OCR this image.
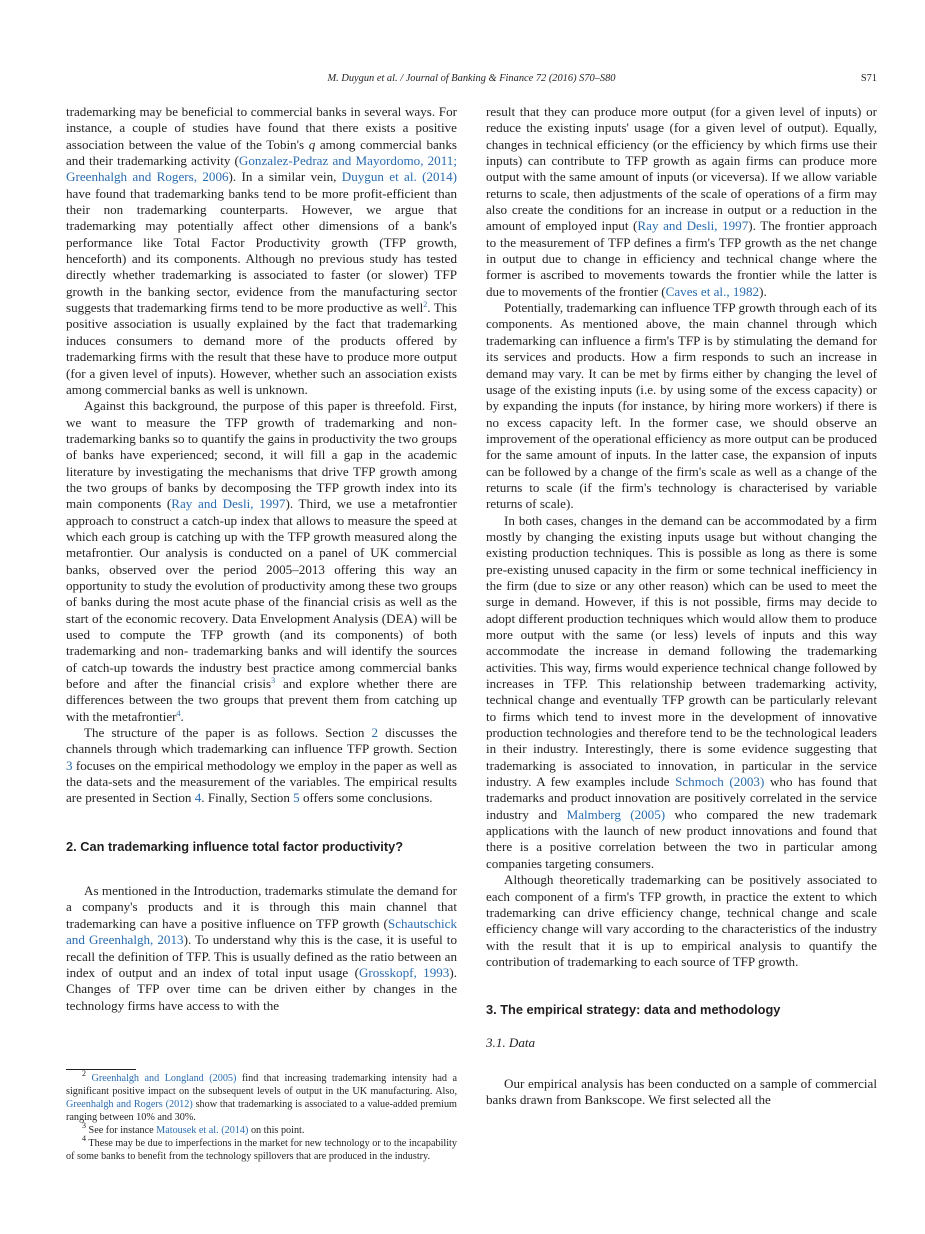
M. Duygun et al. / Journal of Banking & Finance 72 (2016) S70–S80	S71

trademarking may be beneficial to commercial banks in several ways. For instance, a couple of studies have found that there exists a positive association between the value of the Tobin's q among commercial banks and their trademarking activity (Gonzalez-Pedraz and Mayordomo, 2011; Greenhalgh and Rogers, 2006). In a similar vein, Duygun et al. (2014) have found that trademarking banks tend to be more profit-efficient than their non trademarking counterparts. However, we argue that trademarking may potentially affect other dimensions of a bank's performance like Total Factor Productivity growth (TFP growth, henceforth) and its components. Although no previous study has tested directly whether trademarking is associated to faster (or slower) TFP growth in the banking sector, evidence from the manufacturing sector suggests that trademarking firms tend to be more productive as well$^2$. This positive association is usually explained by the fact that trademarking induces consumers to demand more of the products offered by trademarking firms with the result that these have to produce more output (for a given level of inputs). However, whether such an association exists among commercial banks as well is unknown.

Against this background, the purpose of this paper is threefold. First, we want to measure the TFP growth of trademarking and non-trademarking banks so to quantify the gains in productivity the two groups of banks have experienced; second, it will fill a gap in the academic literature by investigating the mechanisms that drive TFP growth among the two groups of banks by decomposing the TFP growth index into its main components (Ray and Desli, 1997). Third, we use a metafrontier approach to construct a catch-up index that allows to measure the speed at which each group is catching up with the TFP growth measured along the metafrontier. Our analysis is conducted on a panel of UK commercial banks, observed over the period 2005–2013 offering this way an opportunity to study the evolution of productivity among these two groups of banks during the most acute phase of the financial crisis as well as the start of the economic recovery. Data Envelopment Analysis (DEA) will be used to compute the TFP growth (and its components) of both trademarking and non- trademarking banks and will identify the sources of catch-up towards the industry best practice among commercial banks before and after the financial crisis$^3$ and explore whether there are differences between the two groups that prevent them from catching up with the metafrontier$^4$.

The structure of the paper is as follows. Section 2 discusses the channels through which trademarking can influence TFP growth. Section 3 focuses on the empirical methodology we employ in the paper as well as the data-sets and the measurement of the variables. The empirical results are presented in Section 4. Finally, Section 5 offers some conclusions.

2. Can trademarking influence total factor productivity?

As mentioned in the Introduction, trademarks stimulate the demand for a company's products and it is through this main channel that trademarking can have a positive influence on TFP growth (Schautschick and Greenhalgh, 2013). To understand why this is the case, it is useful to recall the definition of TFP. This is usually defined as the ratio between an index of output and an index of total input usage (Grosskopf, 1993). Changes of TFP over time can be driven either by changes in the technology firms have access to with the

$^2$ Greenhalgh and Longland (2005) find that increasing trademarking intensity had a significant positive impact on the subsequent levels of output in the UK manufacturing. Also, Greenhalgh and Rogers (2012) show that trademarking is associated to a value-added premium ranging between 10% and 30%.

$^3$ See for instance Matousek et al. (2014) on this point.

$^4$ These may be due to imperfections in the market for new technology or to the incapability of some banks to benefit from the technology spillovers that are produced in the industry.

result that they can produce more output (for a given level of inputs) or reduce the existing inputs' usage (for a given level of output). Equally, changes in technical efficiency (or the efficiency by which firms use their inputs) can contribute to TFP growth as again firms can produce more output with the same amount of inputs (or viceversa). If we allow variable returns to scale, then adjustments of the scale of operations of a firm may also create the conditions for an increase in output or a reduction in the amount of employed input (Ray and Desli, 1997). The frontier approach to the measurement of TFP defines a firm's TFP growth as the net change in output due to change in efficiency and technical change where the former is ascribed to movements towards the frontier while the latter is due to movements of the frontier (Caves et al., 1982).

Potentially, trademarking can influence TFP growth through each of its components. As mentioned above, the main channel through which trademarking can influence a firm's TFP is by stimulating the demand for its services and products. How a firm responds to such an increase in demand may vary. It can be met by firms either by changing the level of usage of the existing inputs (i.e. by using some of the excess capacity) or by expanding the inputs (for instance, by hiring more workers) if there is no excess capacity left. In the former case, we should observe an improvement of the operational efficiency as more output can be produced for the same amount of inputs. In the latter case, the expansion of inputs can be followed by a change of the firm's scale as well as a change of the returns to scale (if the firm's technology is characterised by variable returns of scale).

In both cases, changes in the demand can be accommodated by a firm mostly by changing the existing inputs usage but without changing the existing production techniques. This is possible as long as there is some pre-existing unused capacity in the firm or some technical inefficiency in the firm (due to size or any other reason) which can be used to meet the surge in demand. However, if this is not possible, firms may decide to adopt different production techniques which would allow them to produce more output with the same (or less) levels of inputs and this way accommodate the increase in demand following the trademarking activities. This way, firms would experience technical change followed by increases in TFP. This relationship between trademarking activity, technical change and eventually TFP growth can be particularly relevant to firms which tend to invest more in the development of innovative production technologies and therefore tend to be the technological leaders in their industry. Interestingly, there is some evidence suggesting that trademarking is associated to innovation, in particular in the service industry. A few examples include Schmoch (2003) who has found that trademarks and product innovation are positively correlated in the service industry and Malmberg (2005) who compared the new trademark applications with the launch of new product innovations and found that there is a positive correlation between the two in particular among companies targeting consumers.

Although theoretically trademarking can be positively associated to each component of a firm's TFP growth, in practice the extent to which trademarking can drive efficiency change, technical change and scale efficiency change will vary according to the characteristics of the industry with the result that it is up to empirical analysis to quantify the contribution of trademarking to each source of TFP growth.

3. The empirical strategy: data and methodology

3.1. Data

Our empirical analysis has been conducted on a sample of commercial banks drawn from Bankscope. We first selected all the
